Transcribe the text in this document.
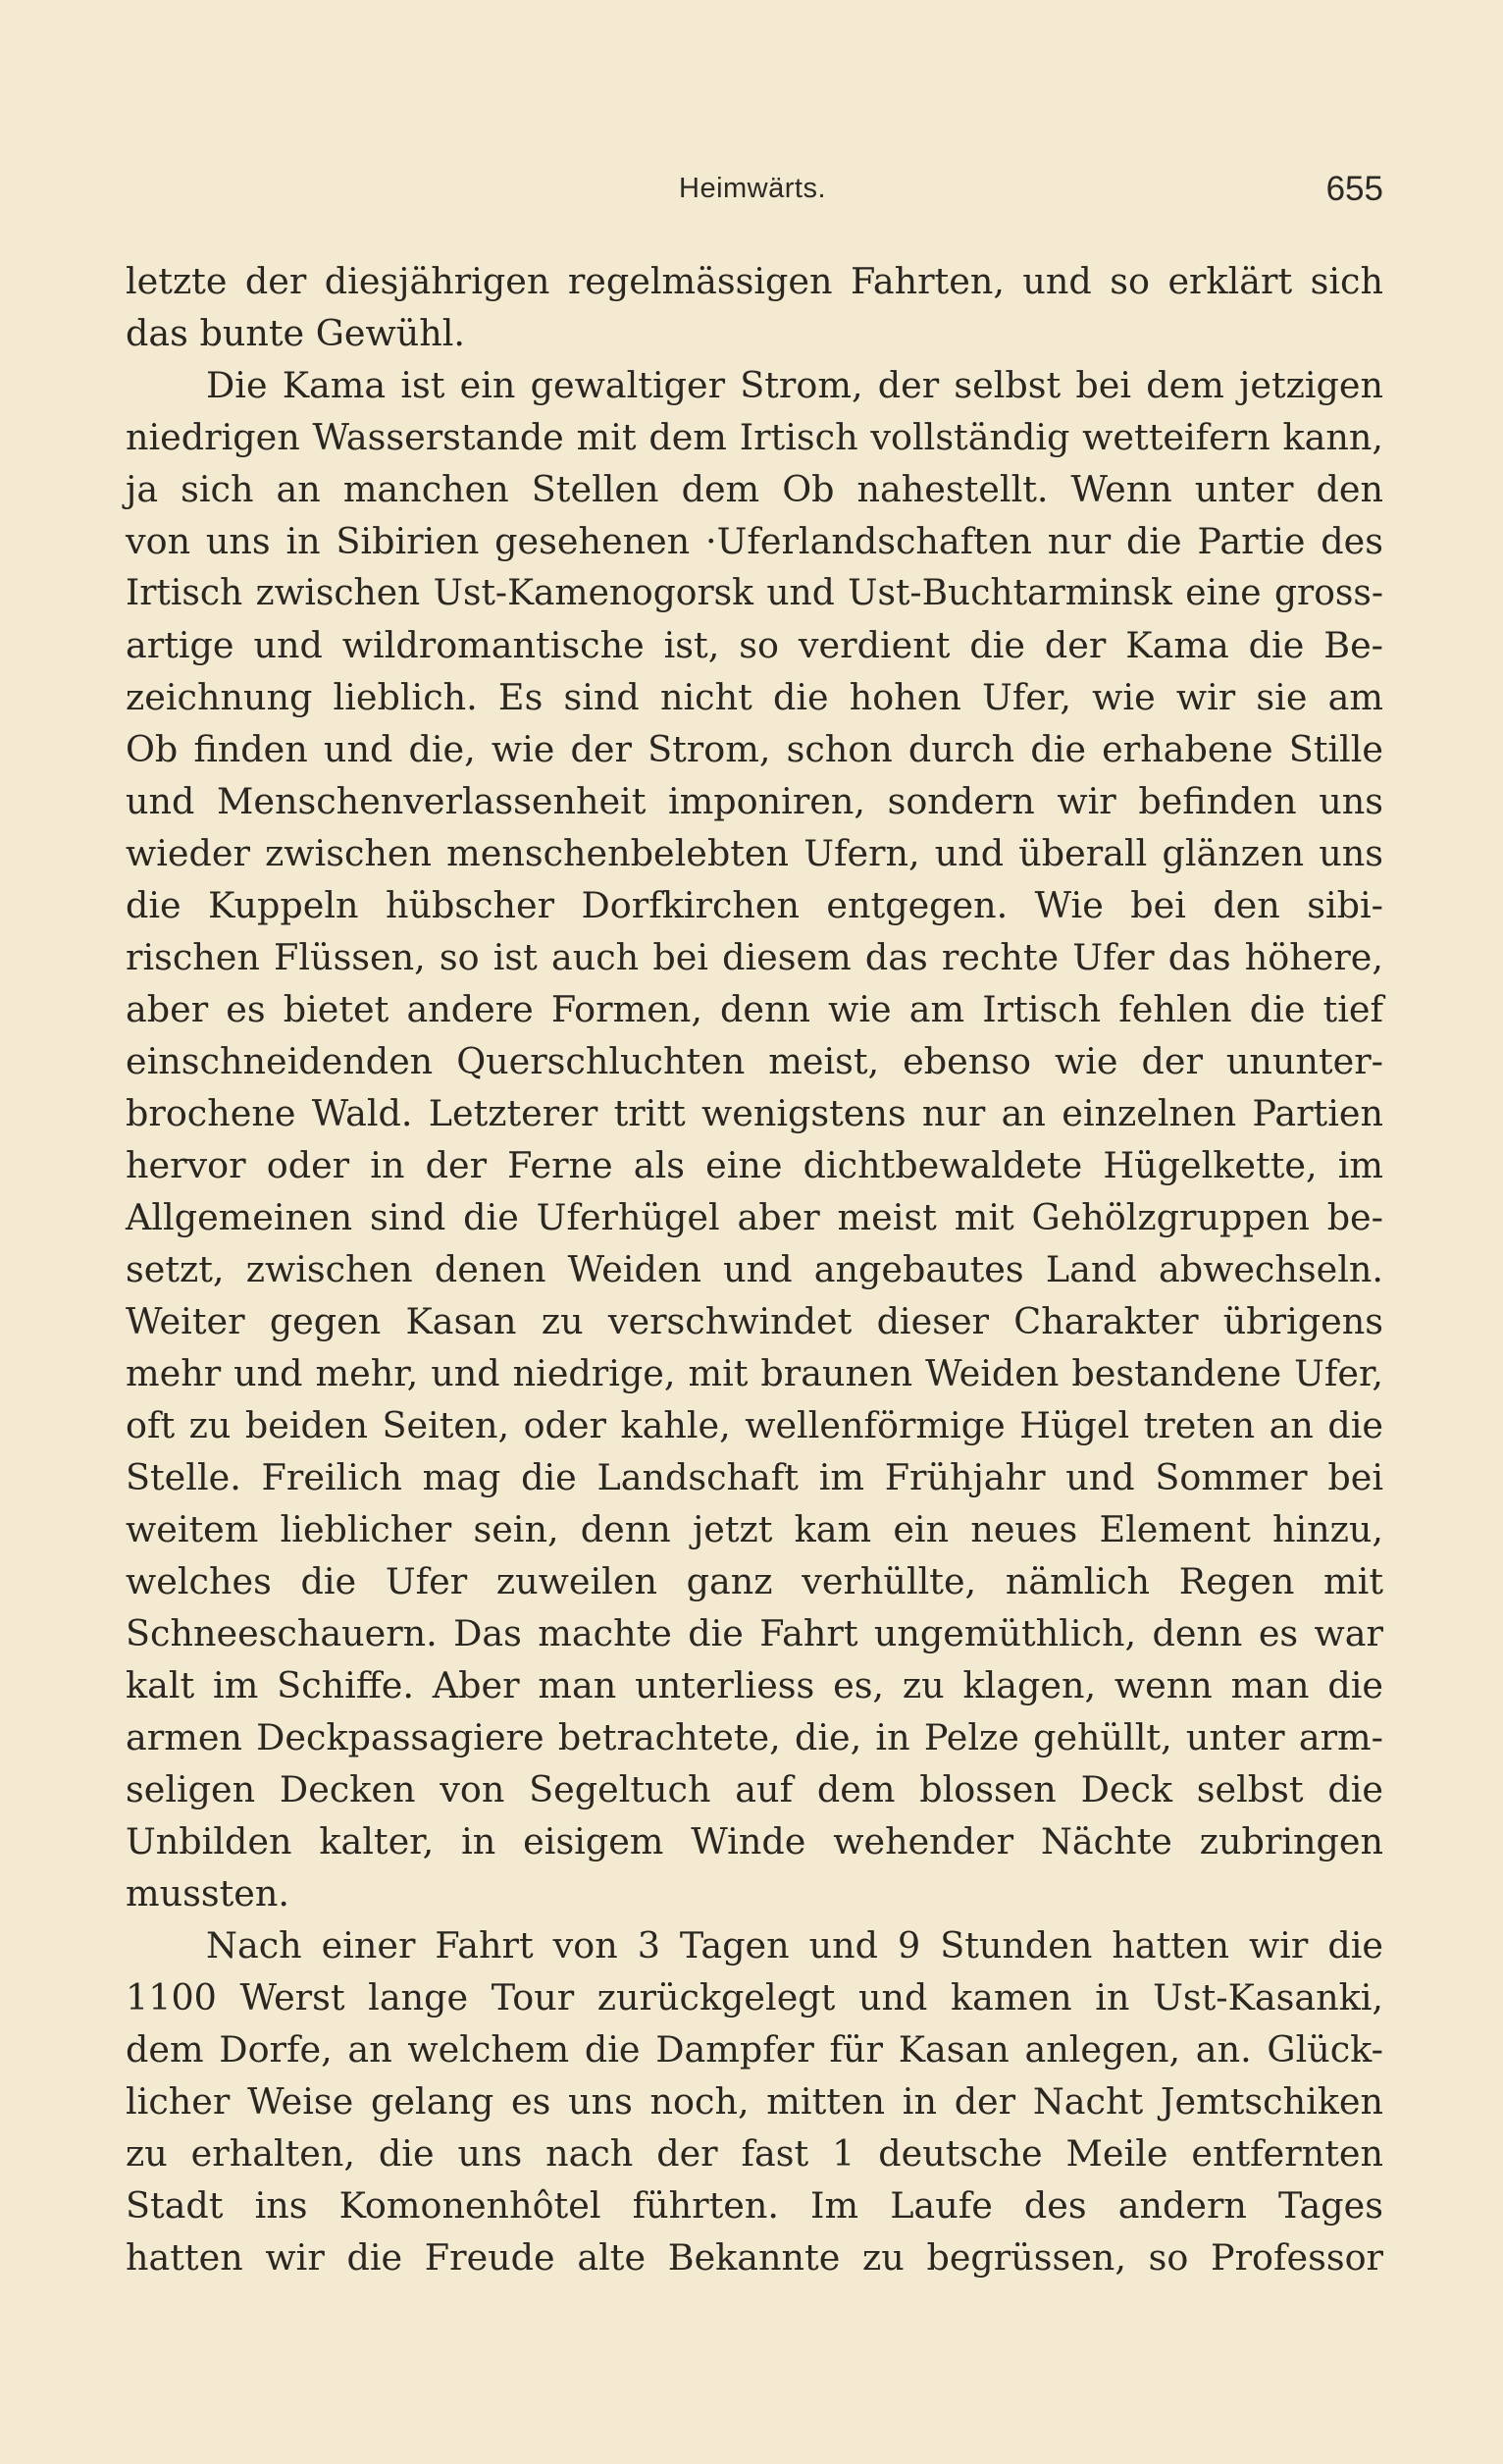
Heimwärts.	655
letzte der diesjährigen regelmässigen Fahrten, und so erklärt sich
das bunte Gewühl.
Die Kama ist ein gewaltiger Strom, der selbst bei dem jetzigen
niedrigen Wasserstande mit dem Irtisch vollständig wetteifern kann,
ja sich an manchen Stellen dem Ob nahestellt. Wenn unter den
von uns in Sibirien gesehenen ·Uferlandschaften nur die Partie des
Irtisch zwischen Ust-Kamenogorsk und Ust-Buchtarminsk eine gross-
artige und wildromantische ist, so verdient die der Kama die Be-
zeichnung lieblich. Es sind nicht die hohen Ufer, wie wir sie am
Ob finden und die, wie der Strom, schon durch die erhabene Stille
und Menschenverlassenheit imponiren, sondern wir befinden uns
wieder zwischen menschenbelebten Ufern, und überall glänzen uns
die Kuppeln hübscher Dorfkirchen entgegen. Wie bei den sibi-
rischen Flüssen, so ist auch bei diesem das rechte Ufer das höhere,
aber es bietet andere Formen, denn wie am Irtisch fehlen die tief
einschneidenden Querschluchten meist, ebenso wie der ununter-
brochene Wald. Letzterer tritt wenigstens nur an einzelnen Partien
hervor oder in der Ferne als eine dichtbewaldete Hügelkette, im
Allgemeinen sind die Uferhügel aber meist mit Gehölzgruppen be-
setzt, zwischen denen Weiden und angebautes Land abwechseln.
Weiter gegen Kasan zu verschwindet dieser Charakter übrigens
mehr und mehr, und niedrige, mit braunen Weiden bestandene Ufer,
oft zu beiden Seiten, oder kahle, wellenförmige Hügel treten an die
Stelle. Freilich mag die Landschaft im Frühjahr und Sommer bei
weitem lieblicher sein, denn jetzt kam ein neues Element hinzu,
welches die Ufer zuweilen ganz verhüllte, nämlich Regen mit
Schneeschauern. Das machte die Fahrt ungemüthlich, denn es war
kalt im Schiffe. Aber man unterliess es, zu klagen, wenn man die
armen Deckpassagiere betrachtete, die, in Pelze gehüllt, unter arm-
seligen Decken von Segeltuch auf dem blossen Deck selbst die
Unbilden kalter, in eisigem Winde wehender Nächte zubringen
mussten.
Nach einer Fahrt von 3 Tagen und 9 Stunden hatten wir die
1100 Werst lange Tour zurückgelegt und kamen in Ust-Kasanki,
dem Dorfe, an welchem die Dampfer für Kasan anlegen, an. Glück-
licher Weise gelang es uns noch, mitten in der Nacht Jemtschiken
zu erhalten, die uns nach der fast 1 deutsche Meile entfernten
Stadt ins Komonenhôtel führten. Im Laufe des andern Tages
hatten wir die Freude alte Bekannte zu begrüssen, so Professor
